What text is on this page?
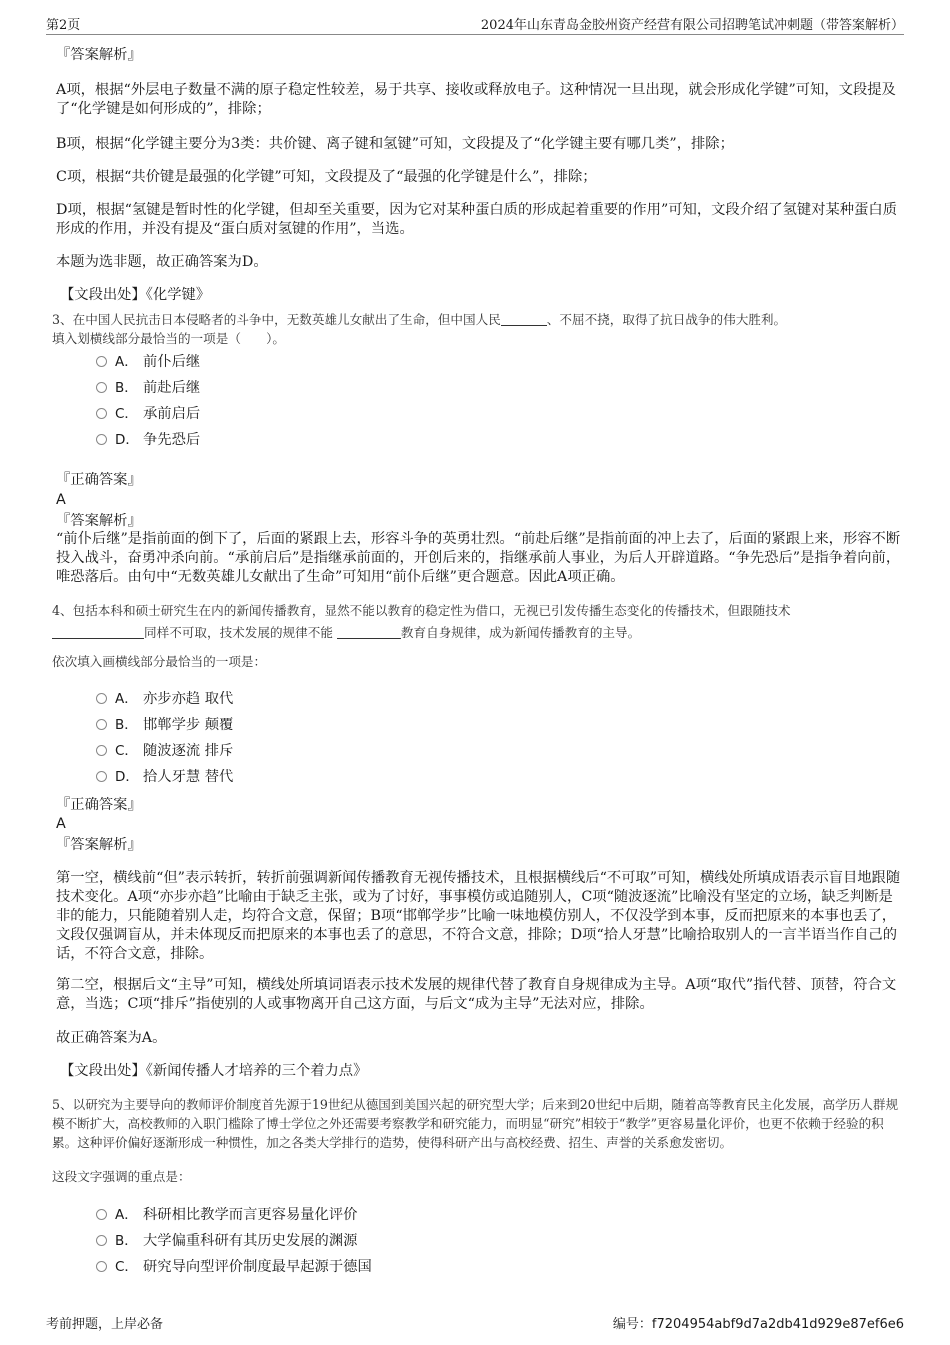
第2页	2024年山东青岛金胶州资产经营有限公司招聘笔试冲刺题（带答案解析）
『答案解析』
A项，根据“外层电子数量不满的原子稳定性较差，易于共享、接收或释放电子。这种情况一旦出现，就会形成化学键”可知，文段提及了“化学键是如何形成的”，排除；
B项，根据“化学键主要分为3类：共价键、离子键和氢键”可知，文段提及了“化学键主要有哪几类”，排除；
C项，根据“共价键是最强的化学键”可知，文段提及了“最强的化学键是什么”，排除；
D项，根据“氢键是暂时性的化学键，但却至关重要，因为它对某种蛋白质的形成起着重要的作用”可知，文段介绍了氢键对某种蛋白质形成的作用，并没有提及“蛋白质对氢键的作用”，当选。
本题为选非题，故正确答案为D。
【文段出处】《化学键》
3、在中国人民抗击日本侵略者的斗争中，无数英雄儿女献出了生命，但中国人民	、不屈不挠，取得了抗日战争的伟大胜利。
填入划横线部分最恰当的一项是（　　）。
A． 前仆后继
B． 前赴后继
C． 承前启后
D． 争先恐后
『正确答案』
A
『答案解析』
“前仆后继”是指前面的倒下了，后面的紧跟上去，形容斗争的英勇壮烈。“前赴后继”是指前面的冲上去了，后面的紧跟上来，形容不断投入战斗，奋勇冲杀向前。“承前启后”是指继承前面的，开创后来的，指继承前人事业，为后人开辟道路。“争先恐后”是指争着向前，唯恐落后。由句中“无数英雄儿女献出了生命”可知用“前仆后继”更合题意。因此A项正确。
4、包括本科和硕士研究生在内的新闻传播教育，显然不能以教育的稳定性为借口，无视已引发传播生态变化的传播技术，但跟随技术
同样不可取，技术发展的规律不能	教育自身规律，成为新闻传播教育的主导。
依次填入画横线部分最恰当的一项是：
A． 亦步亦趋 取代
B． 邯郸学步 颠覆
C． 随波逐流 排斥
D． 拾人牙慧 替代
『正确答案』
A
『答案解析』
第一空，横线前“但”表示转折，转折前强调新闻传播教育无视传播技术，且根据横线后“不可取”可知，横线处所填成语表示盲目地跟随技术变化。A项“亦步亦趋”比喻由于缺乏主张，或为了讨好，事事模仿或追随别人，C项“随波逐流”比喻没有坚定的立场，缺乏判断是非的能力，只能随着别人走，均符合文意，保留；B项“邯郸学步”比喻一味地模仿别人，不仅没学到本事，反而把原来的本事也丢了，文段仅强调盲从，并未体现反而把原来的本事也丢了的意思，不符合文意，排除；D项“拾人牙慧”比喻拾取别人的一言半语当作自己的话，不符合文意，排除。
第二空，根据后文“主导”可知，横线处所填词语表示技术发展的规律代替了教育自身规律成为主导。A项“取代”指代替、顶替，符合文意，当选；C项“排斥”指使别的人或事物离开自己这方面，与后文“成为主导”无法对应，排除。
故正确答案为A。
【文段出处】《新闻传播人才培养的三个着力点》
5、以研究为主要导向的教师评价制度首先源于19世纪从德国到美国兴起的研究型大学；后来到20世纪中后期，随着高等教育民主化发展，高学历人群规模不断扩大，高校教师的入职门槛除了博士学位之外还需要考察教学和研究能力，而明显“研究”相较于“教学”更容易量化评价，也更不依赖于经验的积累。这种评价偏好逐渐形成一种惯性，加之各类大学排行的造势，使得科研产出与高校经费、招生、声誉的关系愈发密切。
这段文字强调的重点是：
A． 科研相比教学而言更容易量化评价
B． 大学偏重科研有其历史发展的渊源
C． 研究导向型评价制度最早起源于德国
考前押题，上岸必备	编号：f7204954abf9d7a2db41d929e87ef6e6
